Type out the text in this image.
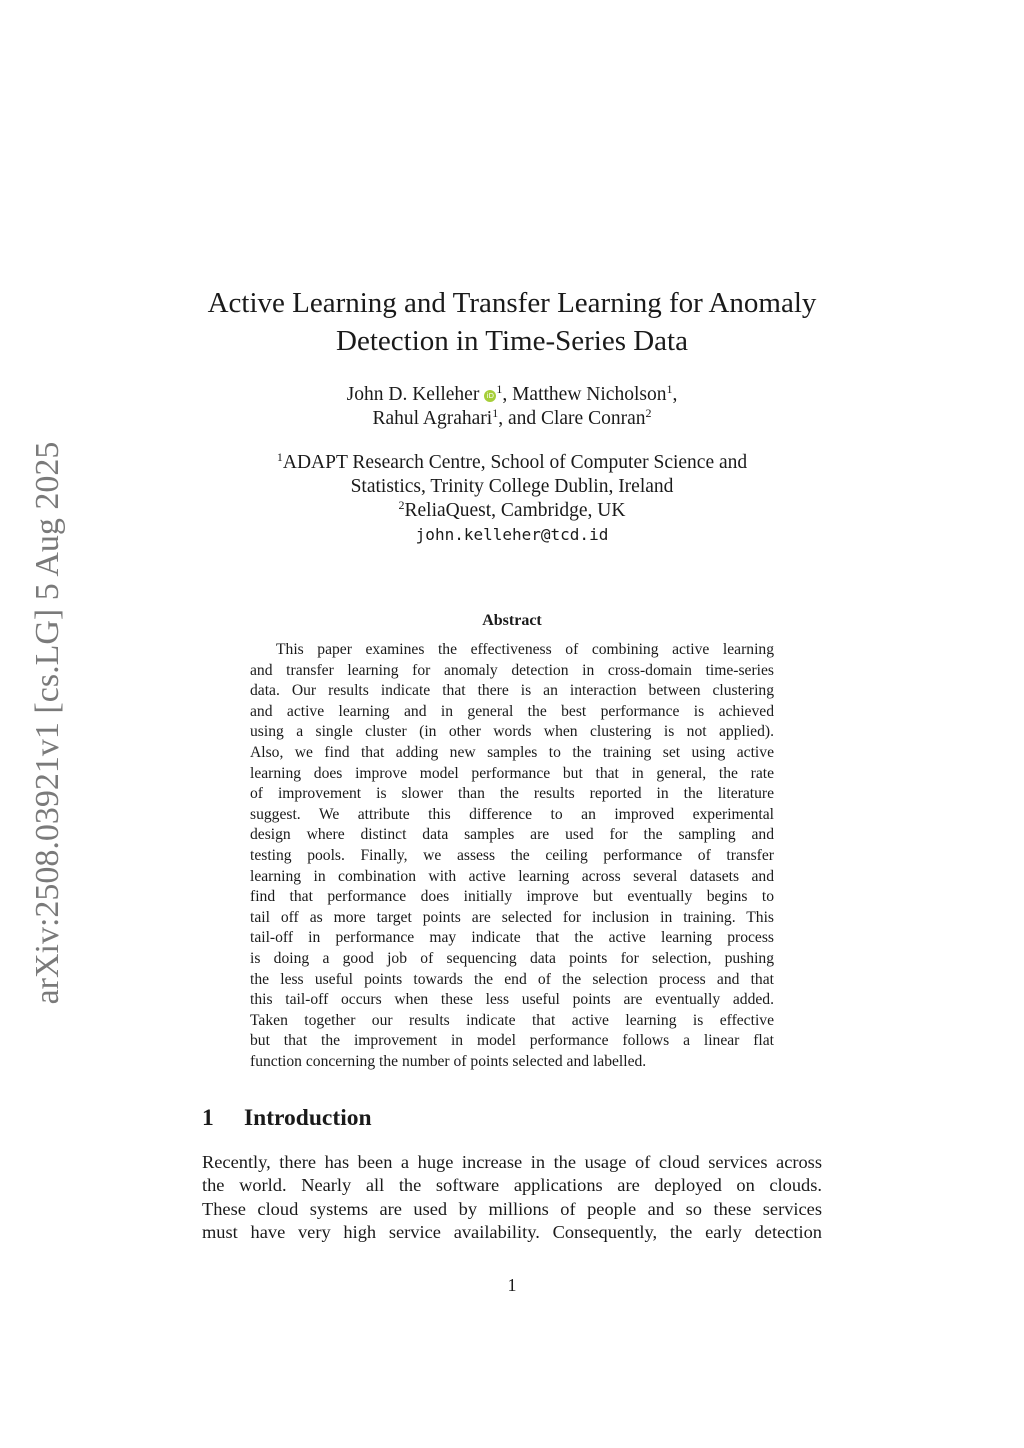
arXiv:2508.03921v1 [cs.LG] 5 Aug 2025
Active Learning and Transfer Learning for Anomaly
Detection in Time-Series Data
John D. Kelleher iD $^1$, Matthew Nicholson$^1$,
Rahul Agrahari$^1$, and Clare Conran$^2$
$^1$ADAPT Research Centre, School of Computer Science and
Statistics, Trinity College Dublin, Ireland
$^2$ReliaQuest, Cambridge, UK
john.kelleher@tcd.id
Abstract
This paper examines the effectiveness of combining active learning
and transfer learning for anomaly detection in cross-domain time-series
data. Our results indicate that there is an interaction between clustering
and active learning and in general the best performance is achieved
using a single cluster (in other words when clustering is not applied).
Also, we find that adding new samples to the training set using active
learning does improve model performance but that in general, the rate
of improvement is slower than the results reported in the literature
suggest. We attribute this difference to an improved experimental
design where distinct data samples are used for the sampling and
testing pools. Finally, we assess the ceiling performance of transfer
learning in combination with active learning across several datasets and
find that performance does initially improve but eventually begins to
tail off as more target points are selected for inclusion in training. This
tail-off in performance may indicate that the active learning process
is doing a good job of sequencing data points for selection, pushing
the less useful points towards the end of the selection process and that
this tail-off occurs when these less useful points are eventually added.
Taken together our results indicate that active learning is effective
but that the improvement in model performance follows a linear flat
function concerning the number of points selected and labelled.
1 Introduction
Recently, there has been a huge increase in the usage of cloud services across
the world. Nearly all the software applications are deployed on clouds.
These cloud systems are used by millions of people and so these services
must have very high service availability. Consequently, the early detection
1
